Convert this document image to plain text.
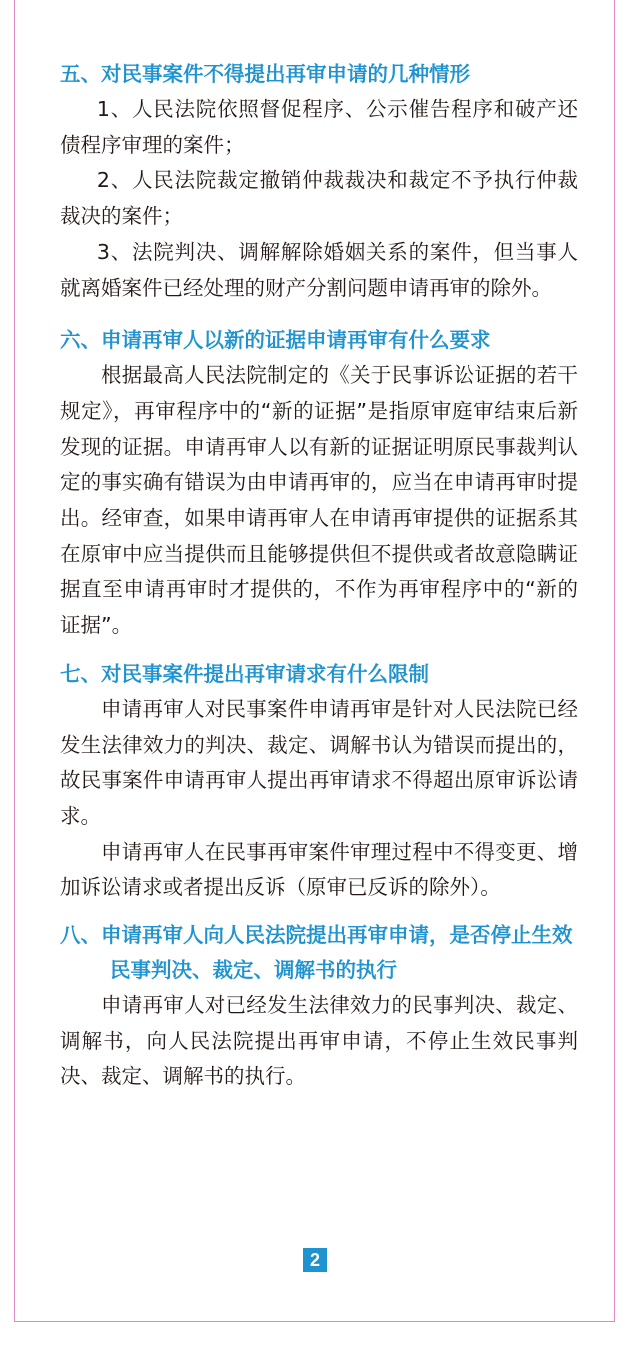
五、对民事案件不得提出再审申请的几种情形

1、人民法院依照督促程序、公示催告程序和破产还债程序审理的案件；

2、人民法院裁定撤销仲裁裁决和裁定不予执行仲裁裁决的案件；

3、法院判决、调解解除婚姻关系的案件，但当事人就离婚案件已经处理的财产分割问题申请再审的除外。

六、申请再审人以新的证据申请再审有什么要求

根据最高人民法院制定的《关于民事诉讼证据的若干规定》，再审程序中的“新的证据”是指原审庭审结束后新发现的证据。申请再审人以有新的证据证明原民事裁判认定的事实确有错误为由申请再审的，应当在申请再审时提出。经审查，如果申请再审人在申请再审提供的证据系其在原审中应当提供而且能够提供但不提供或者故意隐瞒证据直至申请再审时才提供的，不作为再审程序中的“新的证据”。

七、对民事案件提出再审请求有什么限制

申请再审人对民事案件申请再审是针对人民法院已经发生法律效力的判决、裁定、调解书认为错误而提出的，故民事案件申请再审人提出再审请求不得超出原审诉讼请求。

申请再审人在民事再审案件审理过程中不得变更、增加诉讼请求或者提出反诉（原审已反诉的除外）。

八、申请再审人向人民法院提出再审申请，是否停止生效民事判决、裁定、调解书的执行

申请再审人对已经发生法律效力的民事判决、裁定、调解书，向人民法院提出再审申请，不停止生效民事判决、裁定、调解书的执行。

2
